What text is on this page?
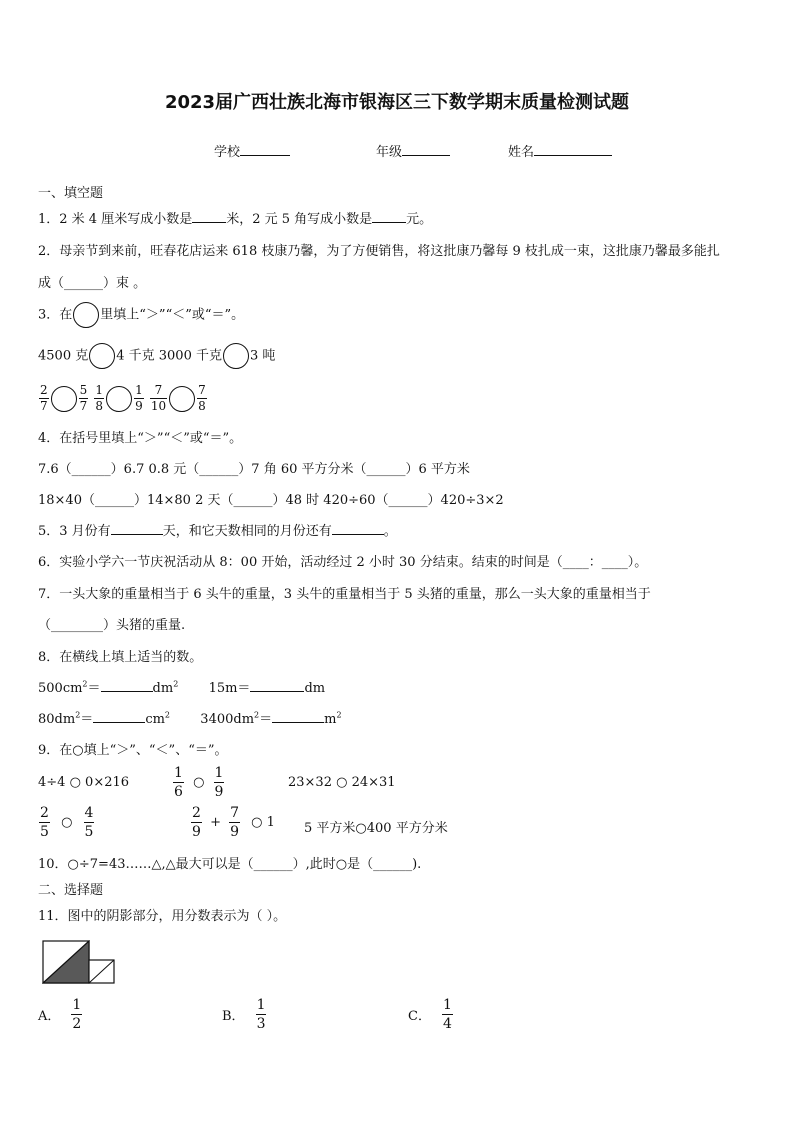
2023届广西壮族北海市银海区三下数学期末质量检测试题
学校	年级	姓名
一、填空题
1．2 米 4 厘米写成小数是	米，2 元 5 角写成小数是	元。
2．母亲节到来前，旺春花店运来 618 枝康乃馨，为了方便销售，将这批康乃馨每 9 枝扎成一束，这批康乃馨最多能扎
成（______）束 。
3．在 里填上“＞”“＜”或“＝”。
4500 克 4 千克 3000 千克 3 吨
$\frac{2}{7}$	$\frac{5}{7}$
$\frac{1}{8}$	$\frac{1}{9}$
$\frac{7}{10}$	$\frac{7}{8}$
4．在括号里填上“＞”“＜”或“＝”。
7.6（______）6.7 0.8 元（______）7 角 60 平方分米（______）6 平方米
18×40（______）14×80 2 天（______）48 时 420÷60（______）420÷3×2
5．3 月份有	天，和它天数相同的月份还有	。
6．实验小学六一节庆祝活动从 8：00 开始，活动经过 2 小时 30 分结束。结束的时间是（____：____）。
7．一头大象的重量相当于 6 头牛的重量，3 头牛的重量相当于 5 头猪的重量，那么一头大象的重量相当于
（________）头猪的重量.
8．在横线上填上适当的数。
$500cm^2=$	$dm^2$ 15m＝	dm
$80dm^2=$	$cm^2$ $3400dm^2=$	$m^2$
9．在○填上“＞”、“＜”、“＝”。
4÷4 ○ 0×216	$\frac{1}{6}$ ○ $\frac{1}{9}$	23×32 ○ 24×31
$\frac{2}{5}$ ○ $\frac{4}{5}$	$\frac{2}{9} + \frac{7}{9}$ ○ 1 5 平方米○400 平方分米
10．○÷7=43……△,△最大可以是（______）,此时○是（______).
二、选择题
11．图中的阴影部分，用分数表示为（ ）。
A． $\frac{1}{2}$	B． $\frac{1}{3}$	C． $\frac{1}{4}$
